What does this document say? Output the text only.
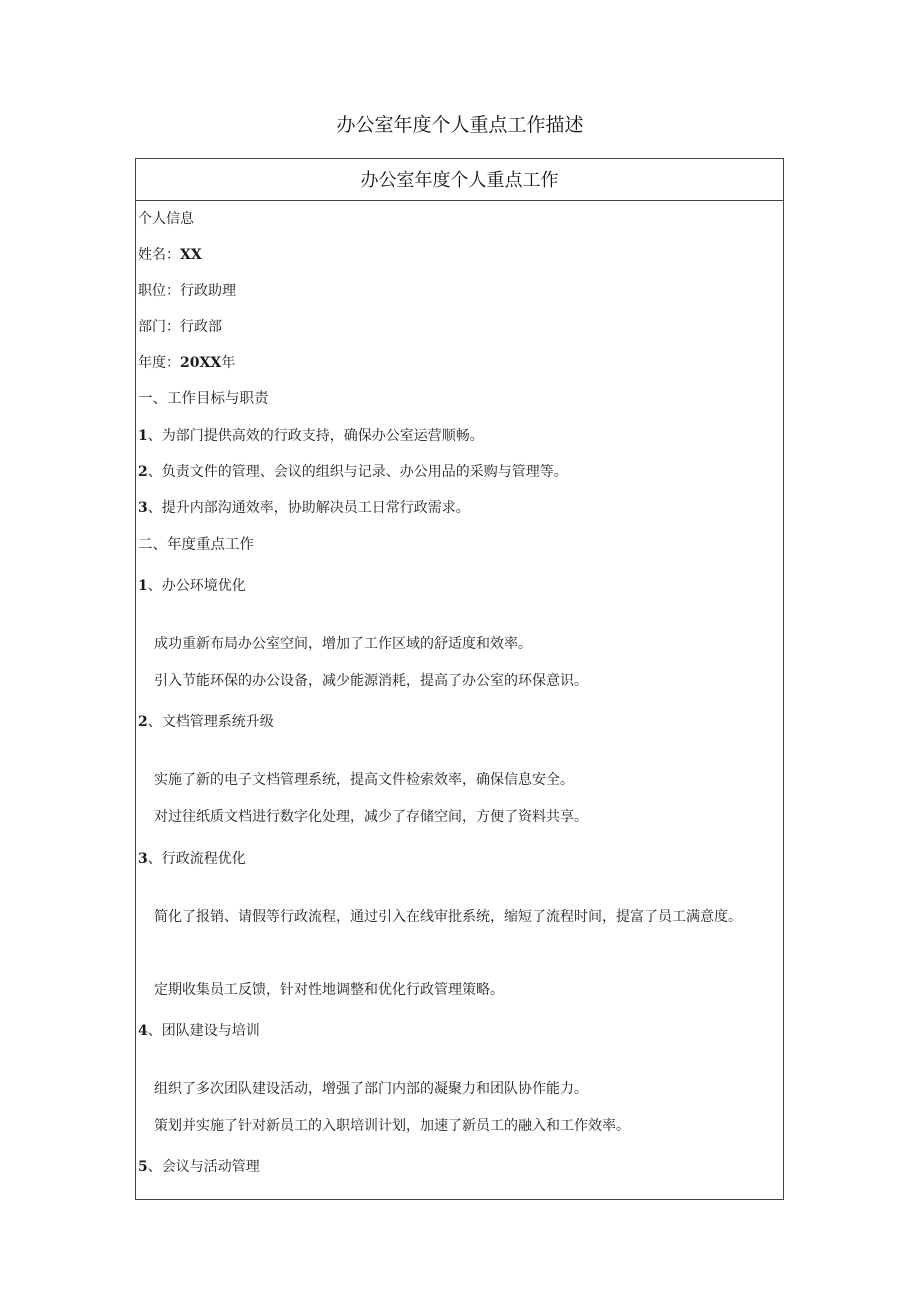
办公室年度个人重点工作描述
办公室年度个人重点工作
个人信息
姓名：XX
职位：行政助理
部门：行政部
年度：20XX年
一、工作目标与职责
1、为部门提供高效的行政支持，确保办公室运营顺畅。
2、负责文件的管理、会议的组织与记录、办公用品的采购与管理等。
3、提升内部沟通效率，协助解决员工日常行政需求。
二、年度重点工作
1、办公环境优化
成功重新布局办公室空间，增加了工作区域的舒适度和效率。
引入节能环保的办公设备，减少能源消耗，提高了办公室的环保意识。
2、文档管理系统升级
实施了新的电子文档管理系统，提高文件检索效率，确保信息安全。
对过往纸质文档进行数字化处理，减少了存储空间，方便了资料共享。
3、行政流程优化
简化了报销、请假等行政流程，通过引入在线审批系统，缩短了流程时间，提富了员工满意度。
定期收集员工反馈，针对性地调整和优化行政管理策略。
4、团队建设与培训
组织了多次团队建设活动，增强了部门内部的凝聚力和团队协作能力。
策划并实施了针对新员工的入职培训计划，加速了新员工的融入和工作效率。
5、会议与活动管理
